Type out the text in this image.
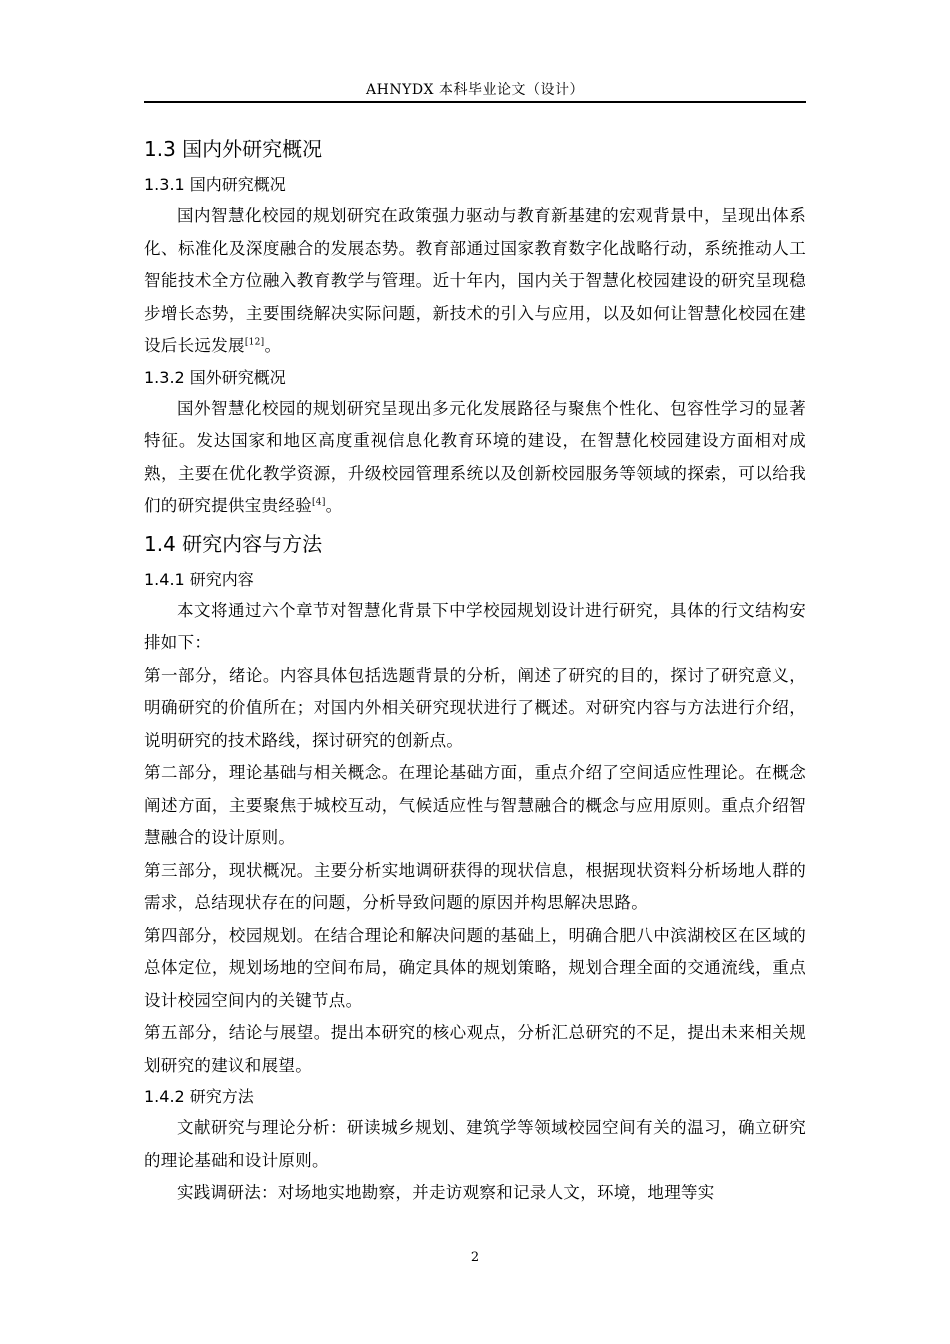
AHNYDX 本科毕业论文（设计）
1.3 国内外研究概况
1.3.1 国内研究概况

国内智慧化校园的规划研究在政策强力驱动与教育新基建的宏观背景中，呈现出体系化、标准化及深度融合的发展态势。教育部通过国家教育数字化战略行动，系统推动人工智能技术全方位融入教育教学与管理。近十年内，国内关于智慧化校园建设的研究呈现稳步增长态势，主要围绕解决实际问题，新技术的引入与应用，以及如何让智慧化校园在建设后长远发展[12]。

1.3.2 国外研究概况

国外智慧化校园的规划研究呈现出多元化发展路径与聚焦个性化、包容性学习的显著特征。发达国家和地区高度重视信息化教育环境的建设，在智慧化校园建设方面相对成熟，主要在优化教学资源，升级校园管理系统以及创新校园服务等领域的探索，可以给我们的研究提供宝贵经验[4]。

1.4 研究内容与方法
1.4.1 研究内容

本文将通过六个章节对智慧化背景下中学校园规划设计进行研究，具体的行文结构安排如下：

第一部分，绪论。内容具体包括选题背景的分析，阐述了研究的目的，探讨了研究意义，明确研究的价值所在；对国内外相关研究现状进行了概述。对研究内容与方法进行介绍，说明研究的技术路线，探讨研究的创新点。

第二部分，理论基础与相关概念。在理论基础方面，重点介绍了空间适应性理论。在概念阐述方面，主要聚焦于城校互动，气候适应性与智慧融合的概念与应用原则。重点介绍智慧融合的设计原则。

第三部分，现状概况。主要分析实地调研获得的现状信息，根据现状资料分析场地人群的需求，总结现状存在的问题，分析导致问题的原因并构思解决思路。

第四部分，校园规划。在结合理论和解决问题的基础上，明确合肥八中滨湖校区在区域的总体定位，规划场地的空间布局，确定具体的规划策略，规划合理全面的交通流线，重点设计校园空间内的关键节点。

第五部分，结论与展望。提出本研究的核心观点，分析汇总研究的不足，提出未来相关规划研究的建议和展望。

1.4.2 研究方法

文献研究与理论分析：研读城乡规划、建筑学等领域校园空间有关的温习，确立研究的理论基础和设计原则。

实践调研法：对场地实地勘察，并走访观察和记录人文，环境，地理等实

2
